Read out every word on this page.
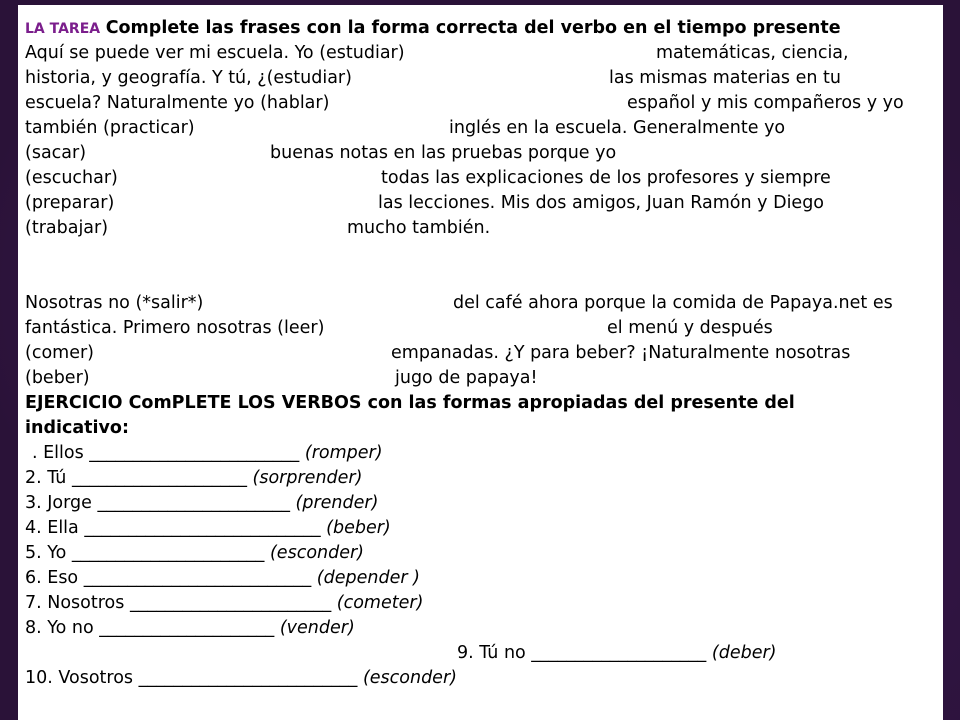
LA TAREA Complete las frases con la forma correcta del verbo en el tiempo presente
Aquí se puede ver mi escuela. Yo (estudiar)	matemáticas, ciencia,
historia, y geografía. Y tú, ¿(estudiar)	las mismas materias en tu
escuela? Naturalmente yo (hablar)	español y mis compañeros y yo
también (practicar)	inglés en la escuela. Generalmente yo
(sacar)	buenas notas en las pruebas porque yo
(escuchar)	todas las explicaciones de los profesores y siempre
(preparar)	las lecciones. Mis dos amigos, Juan Ramón y Diego
(trabajar)	mucho también.
Nosotras no (*salir*)	del café ahora porque la comida de Papaya.net es
fantástica. Primero nosotras (leer)	el menú y después
(comer)	empanadas. ¿Y para beber? ¡Naturalmente nosotras
(beber)	jugo de papaya!
EJERCICIO ComPLETE LOS VERBOS con las formas apropiadas del presente del
indicativo:
. Ellos ________________________ (romper)
2. Tú ____________________ (sorprender)
3. Jorge ______________________ (prender)
4. Ella ___________________________ (beber)
5. Yo ______________________ (esconder)
6. Eso __________________________ (depender )
7. Nosotros _______________________ (cometer)
8. Yo no ____________________ (vender)
9. Tú no ____________________ (deber)
10. Vosotros _________________________ (esconder)
